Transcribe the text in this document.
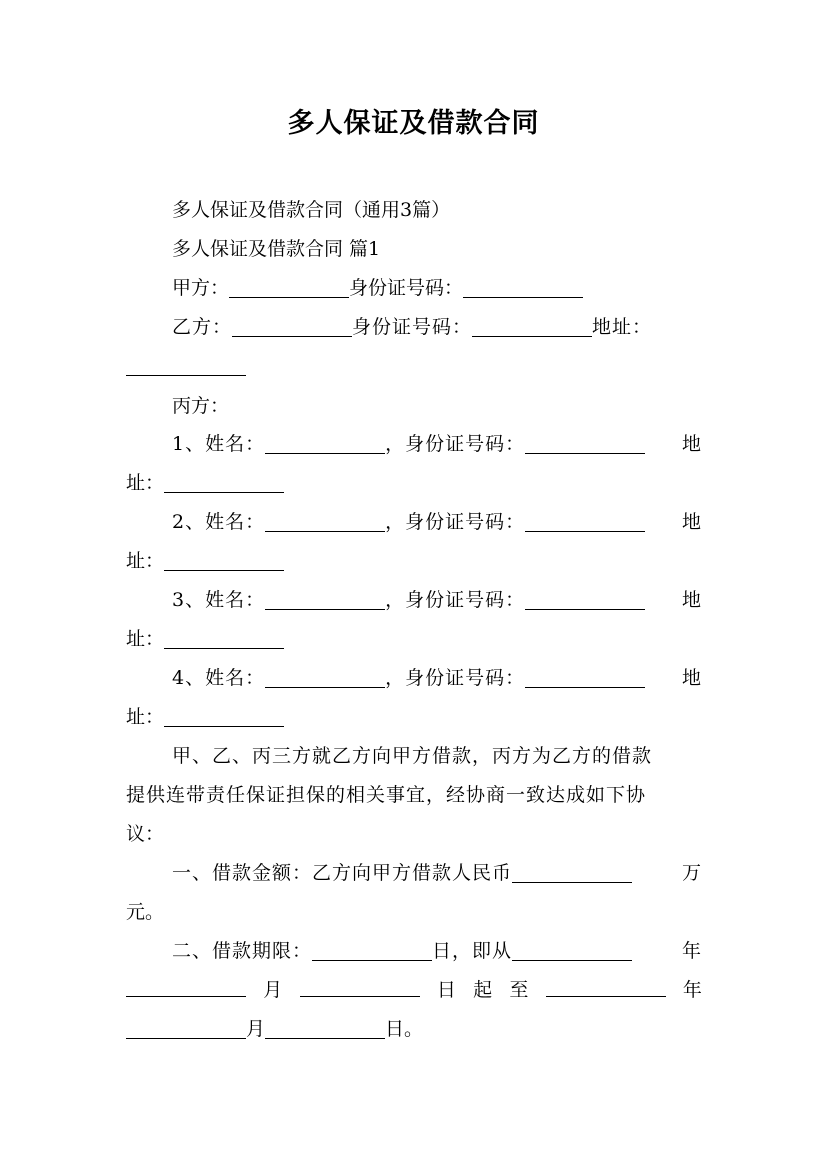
多人保证及借款合同
多人保证及借款合同（通用3篇）
多人保证及借款合同 篇1
甲方：	身份证号码：
乙方：	身份证号码：	地址：
丙方：
1、姓名：	，身份证号码：	地
址：
2、姓名：	，身份证号码：	地
址：
3、姓名：	，身份证号码：	地
址：
4、姓名：	，身份证号码：	地
址：
甲、乙、丙三方就乙方向甲方借款，丙方为乙方的借款
提供连带责任保证担保的相关事宜，经协商一致达成如下协
议：
一、借款金额：乙方向甲方借款人民币	万
元。
二、借款期限：	日，即从	年
月	日 起 至	年
月	日。
